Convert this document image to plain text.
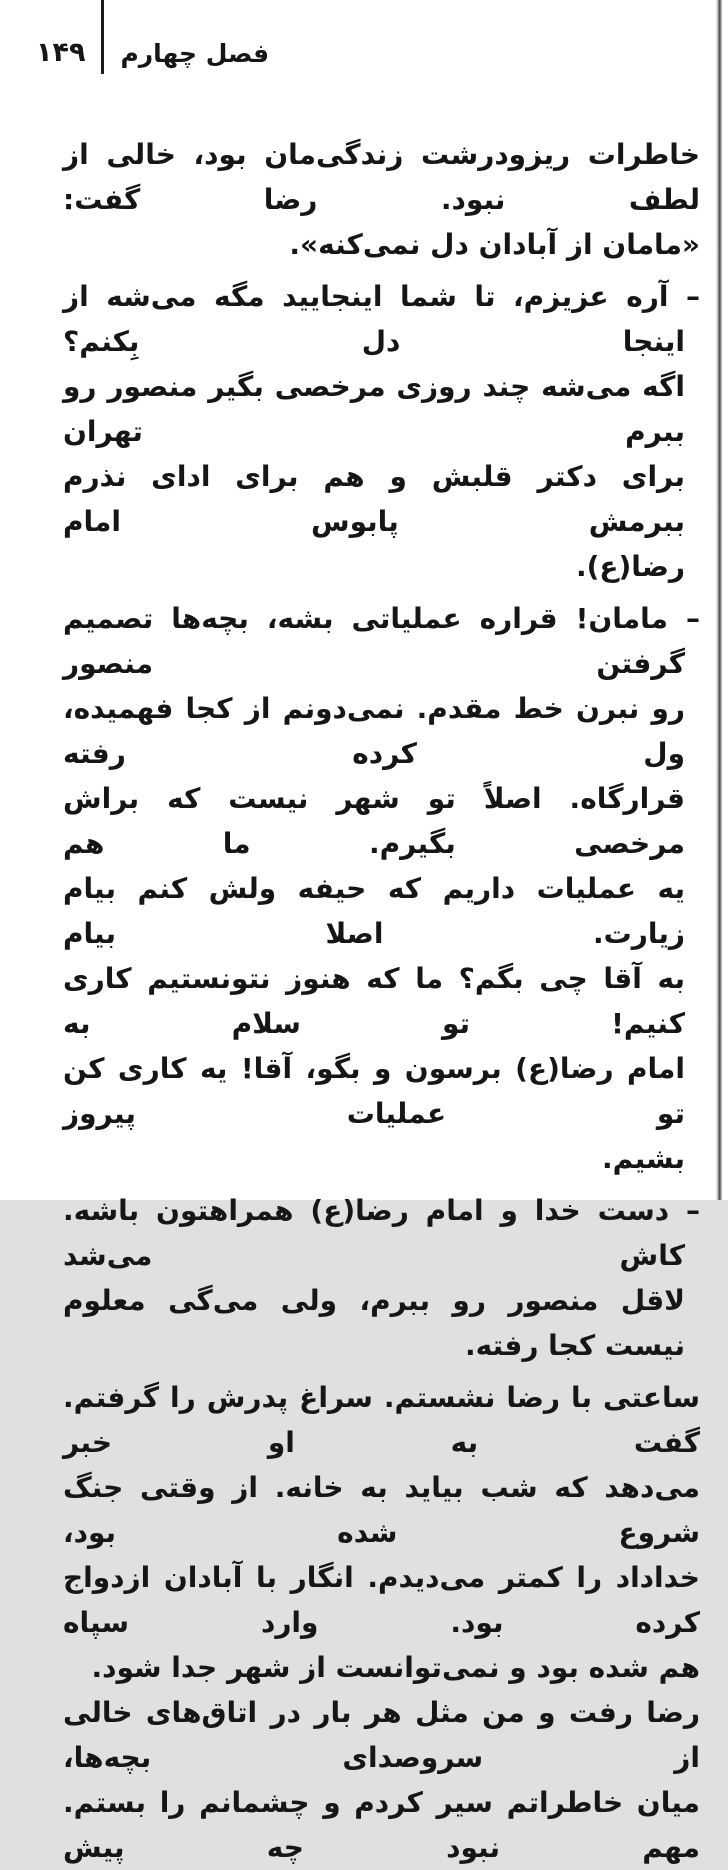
فصل چهارم
۱۴۹

خاطرات ریزودرشت زندگی‌مان بود، خالی از لطف نبود. رضا گفت:
«مامان از آبادان دل نمی‌کنه».

– آره عزیزم، تا شما اینجایید مگه می‌شه از اینجا دل بِکنم؟
اگه می‌شه چند روزی مرخصی بگیر منصور رو ببرم تهران
برای دکتر قلبش و هم برای ادای نذرم ببرمش پابوس امام
رضا(ع).

– مامان! قراره عملیاتی بشه، بچه‌ها تصمیم گرفتن منصور
رو نبرن خط مقدم. نمی‌دونم از کجا فهمیده، ول کرده رفته
قرارگاه. اصلاً تو شهر نیست که براش مرخصی بگیرم. ما هم
یه عملیات داریم که حیفه ولش کنم بیام زیارت. اصلا بیام
به آقا چی بگم؟ ما که هنوز نتونستیم کاری کنیم! تو سلام به
امام رضا(ع) برسون و بگو، آقا! یه کاری کن تو عملیات پیروز
بشیم.

– دست خدا و امام رضا(ع) همراهتون باشه. کاش می‌شد
لاقل منصور رو ببرم، ولی می‌گی معلوم نیست کجا رفته.

ساعتی با رضا نشستم. سراغ پدرش را گرفتم. گفت به او خبر
می‌دهد که شب بیاید به خانه. از وقتی جنگ شروع شده بود،
خداداد را کمتر می‌دیدم. انگار با آبادان ازدواج کرده بود. وارد سپاه
هم شده بود و نمی‌توانست از شهر جدا شود.

رضا رفت و من مثل هر بار در اتاق‌های خالی از سروصدای بچه‌ها،
میان خاطراتم سیر کردم و چشمانم را بستم. مهم نبود چه پیش
